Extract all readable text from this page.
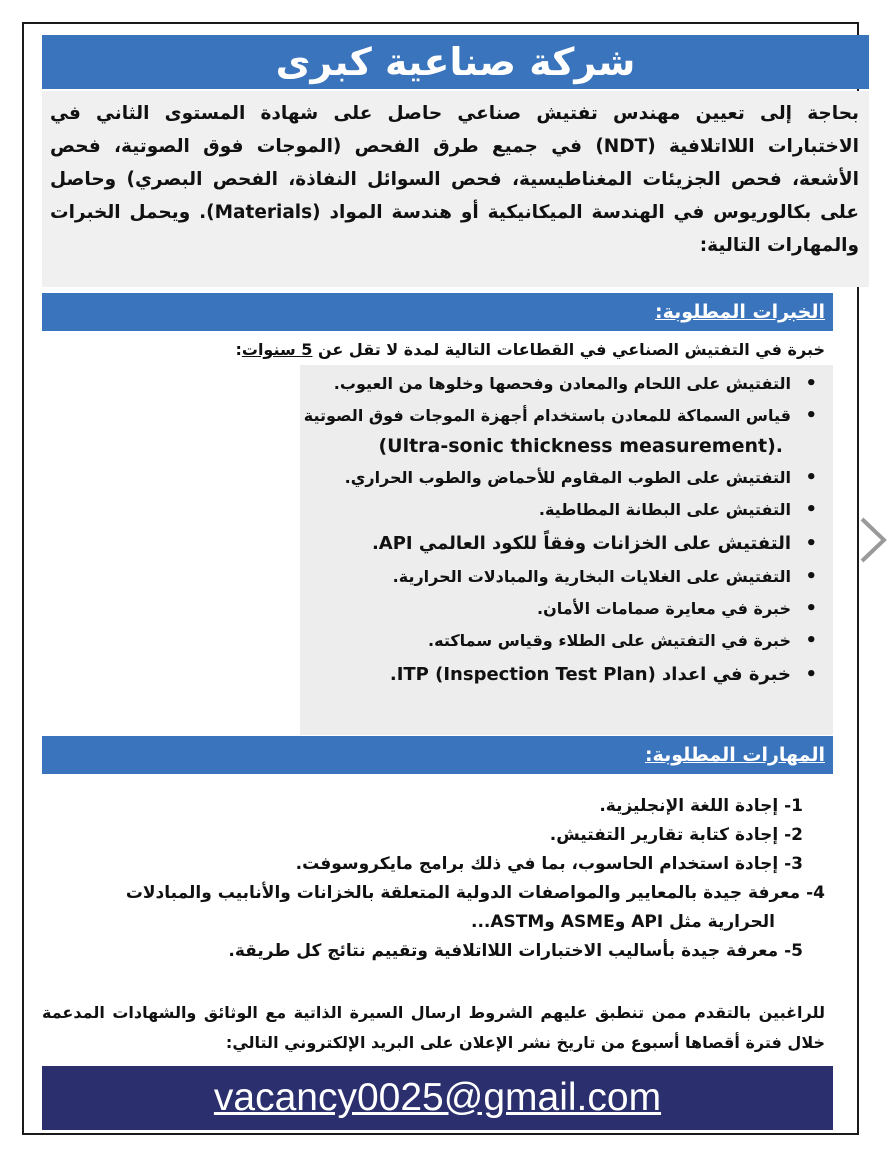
شركة صناعية كبرى
بحاجة إلى تعيين مهندس تفتيش صناعي حاصل على شهادة المستوى الثاني في الاختبارات اللااتلافية (NDT) في جميع طرق الفحص (الموجات فوق الصوتية، فحص الأشعة، فحص الجزيئات المغناطيسية، فحص السوائل النفاذة، الفحص البصري) وحاصل على بكالوريوس في الهندسة الميكانيكية أو هندسة المواد (Materials). ويحمل الخبرات والمهارات التالية:
الخبرات المطلوبة:
خبرة في التفتيش الصناعي في القطاعات التالية لمدة لا تقل عن 5 سنوات:
• التفتيش على اللحام والمعادن وفحصها وخلوها من العيوب.
• قياس السماكة للمعادن باستخدام أجهزة الموجات فوق الصوتية
(Ultra-sonic thickness measurement).
• التفتيش على الطوب المقاوم للأحماض والطوب الحراري.
• التفتيش على البطانة المطاطية.
• التفتيش على الخزانات وفقاً للكود العالمي API.
• التفتيش على الغلايات البخارية والمبادلات الحرارية.
• خبرة في معايرة صمامات الأمان.
• خبرة في التفتيش على الطلاء وقياس سماكته.
• خبرة في اعداد (ITP (Inspection Test Plan.
المهارات المطلوبة:
1- إجادة اللغة الإنجليزية.
2- إجادة كتابة تقارير التفتيش.
3- إجادة استخدام الحاسوب، بما في ذلك برامج مايكروسوفت.
4- معرفة جيدة بالمعايير والمواصفات الدولية المتعلقة بالخزانات والأنابيب والمبادلات
الحرارية مثل API وASME وASTM...
5- معرفة جيدة بأساليب الاختبارات اللااتلافية وتقييم نتائج كل طريقة.
للراغبين بالتقدم ممن تنطبق عليهم الشروط ارسال السيرة الذاتية مع الوثائق والشهادات المدعمة خلال فترة أقصاها أسبوع من تاريخ نشر الإعلان على البريد الإلكتروني التالي:
vacancy0025@gmail.com
